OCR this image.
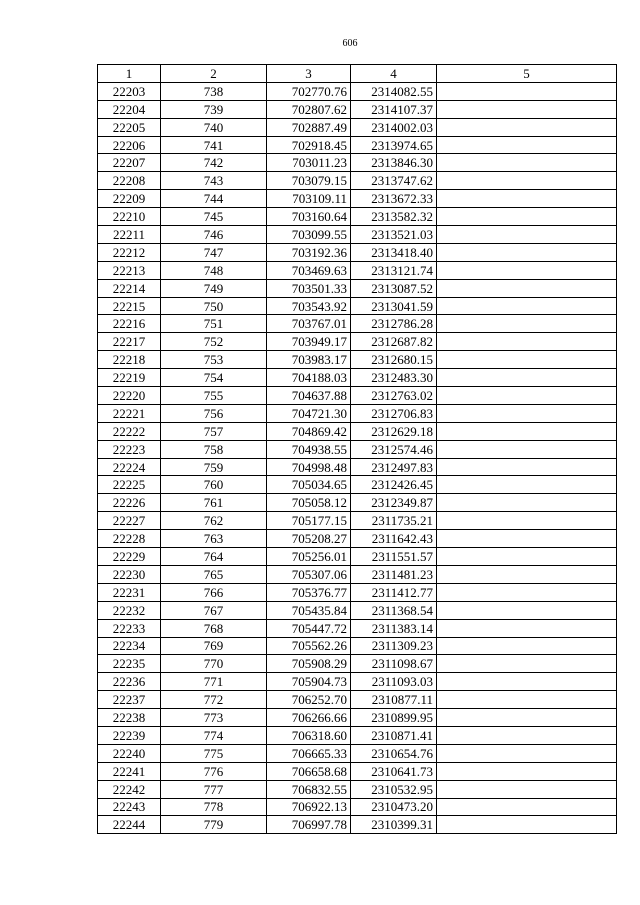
606
1	2	3	4	5
22203	738	702770.76	2314082.55	
22204	739	702807.62	2314107.37	
22205	740	702887.49	2314002.03	
22206	741	702918.45	2313974.65	
22207	742	703011.23	2313846.30	
22208	743	703079.15	2313747.62	
22209	744	703109.11	2313672.33	
22210	745	703160.64	2313582.32	
22211	746	703099.55	2313521.03	
22212	747	703192.36	2313418.40	
22213	748	703469.63	2313121.74	
22214	749	703501.33	2313087.52	
22215	750	703543.92	2313041.59	
22216	751	703767.01	2312786.28	
22217	752	703949.17	2312687.82	
22218	753	703983.17	2312680.15	
22219	754	704188.03	2312483.30	
22220	755	704637.88	2312763.02	
22221	756	704721.30	2312706.83	
22222	757	704869.42	2312629.18	
22223	758	704938.55	2312574.46	
22224	759	704998.48	2312497.83	
22225	760	705034.65	2312426.45	
22226	761	705058.12	2312349.87	
22227	762	705177.15	2311735.21	
22228	763	705208.27	2311642.43	
22229	764	705256.01	2311551.57	
22230	765	705307.06	2311481.23	
22231	766	705376.77	2311412.77	
22232	767	705435.84	2311368.54	
22233	768	705447.72	2311383.14	
22234	769	705562.26	2311309.23	
22235	770	705908.29	2311098.67	
22236	771	705904.73	2311093.03	
22237	772	706252.70	2310877.11	
22238	773	706266.66	2310899.95	
22239	774	706318.60	2310871.41	
22240	775	706665.33	2310654.76	
22241	776	706658.68	2310641.73	
22242	777	706832.55	2310532.95	
22243	778	706922.13	2310473.20	
22244	779	706997.78	2310399.31	
